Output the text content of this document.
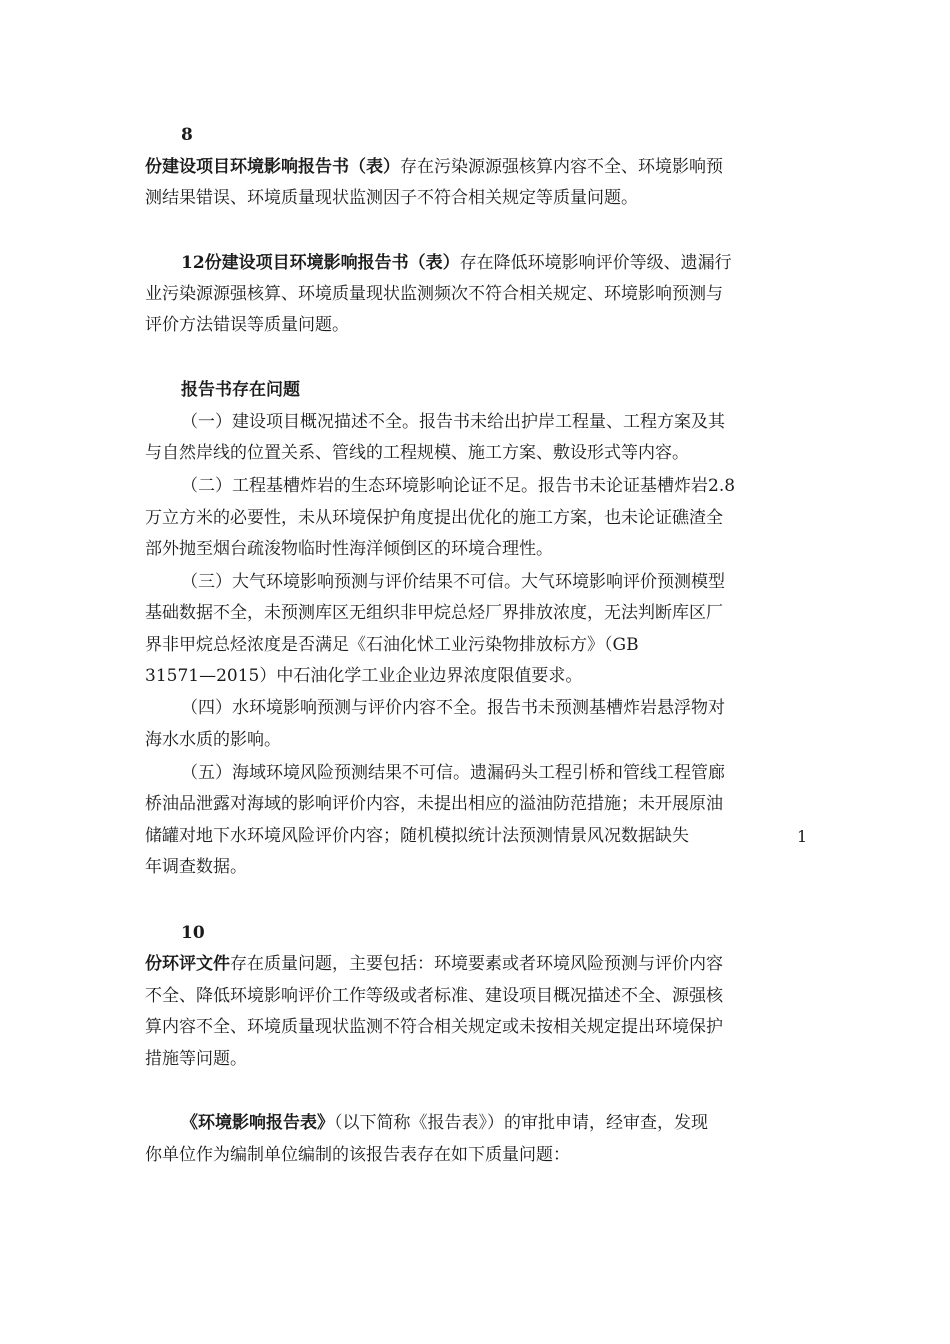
8
份建设项目环境影响报告书（表）存在污染源源强核算内容不全、环境影响预
测结果错误、环境质量现状监测因子不符合相关规定等质量问题。
12份建设项目环境影响报告书（表）存在降低环境影响评价等级、遗漏行
业污染源源强核算、环境质量现状监测频次不符合相关规定、环境影响预测与
评价方法错误等质量问题。
报告书存在问题
（一）建设项目概况描述不全。报告书未给出护岸工程量、工程方案及其
与自然岸线的位置关系、管线的工程规模、施工方案、敷设形式等内容。
（二）工程基槽炸岩的生态环境影响论证不足。报告书未论证基槽炸岩2.8
万立方米的必要性，未从环境保护角度提出优化的施工方案，也未论证礁渣全
部外抛至烟台疏浚物临时性海洋倾倒区的环境合理性。
（三）大气环境影响预测与评价结果不可信。大气环境影响评价预测模型
基础数据不全，未预测库区无组织非甲烷总烃厂界排放浓度，无法判断库区厂
界非甲烷总烃浓度是否满足《石油化怵工业污染物排放标方》（GB
31571—2015）中石油化学工业企业边界浓度限值要求。
（四）水环境影响预测与评价内容不全。报告书未预测基槽炸岩悬浮物对
海水水质的影响。
（五）海域环境风险预测结果不可信。遗漏码头工程引桥和管线工程管廊
桥油品泄露对海域的影响评价内容，未提出相应的溢油防范措施；未开展原油
储罐对地下水环境风险评价内容；随机模拟统计法预测情景风况数据缺失	1
年调查数据。
10
份环评文件存在质量问题，主要包括：环境要素或者环境风险预测与评价内容
不全、降低环境影响评价工作等级或者标准、建设项目概况描述不全、源强核
算内容不全、环境质量现状监测不符合相关规定或未按相关规定提出环境保护
措施等问题。
《环境影响报告表》（以下简称《报告表》）的审批申请，经审查，发现
你单位作为编制单位编制的该报告表存在如下质量问题：
